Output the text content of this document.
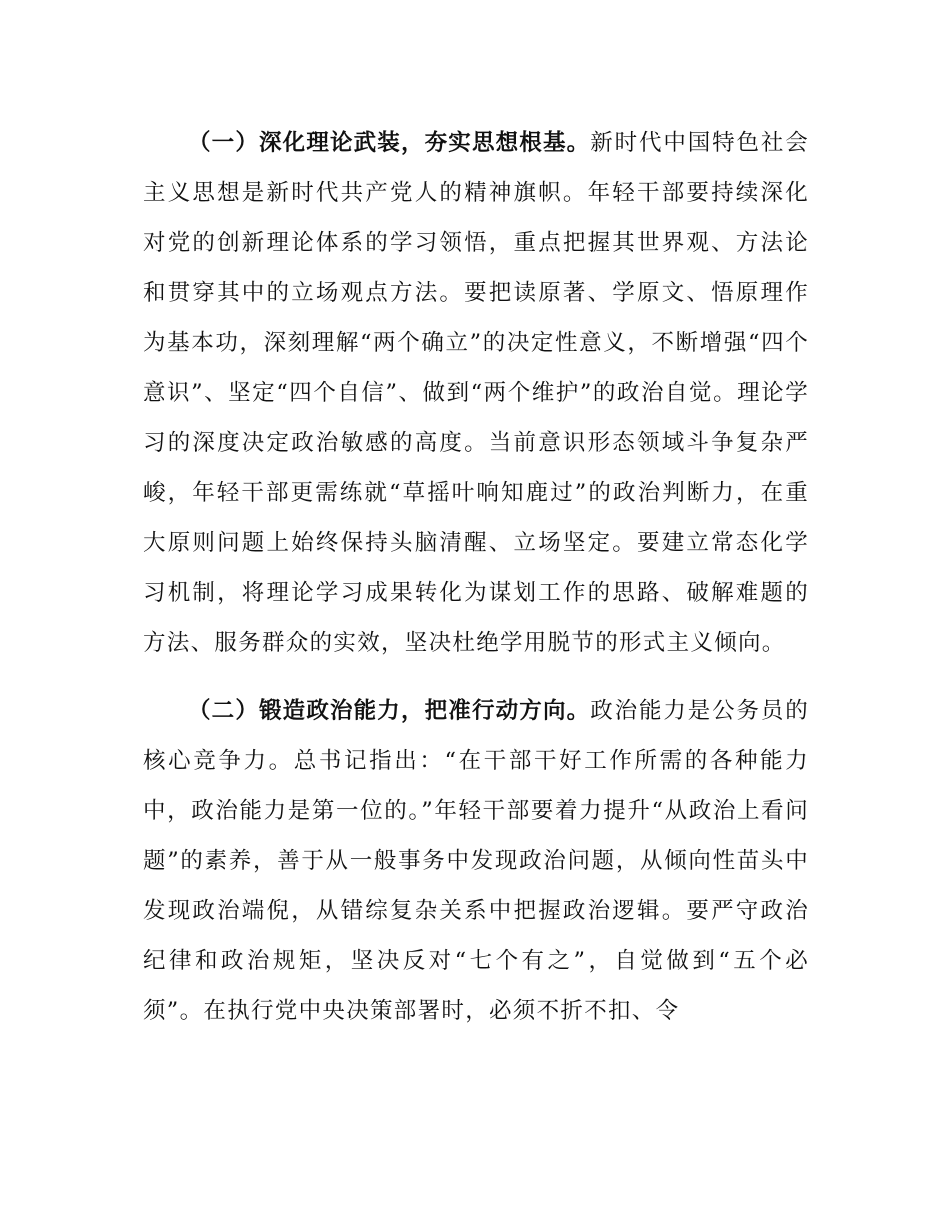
（一）深化理论武装，夯实思想根基。新时代中国特色社会主义思想是新时代共产党人的精神旗帜。年轻干部要持续深化对党的创新理论体系的学习领悟，重点把握其世界观、方法论和贯穿其中的立场观点方法。要把读原著、学原文、悟原理作为基本功，深刻理解“两个确立”的决定性意义，不断增强“四个意识”、坚定“四个自信”、做到“两个维护”的政治自觉。理论学习的深度决定政治敏感的高度。当前意识形态领域斗争复杂严峻，年轻干部更需练就“草摇叶响知鹿过”的政治判断力，在重大原则问题上始终保持头脑清醒、立场坚定。要建立常态化学习机制，将理论学习成果转化为谋划工作的思路、破解难题的方法、服务群众的实效，坚决杜绝学用脱节的形式主义倾向。

（二）锻造政治能力，把准行动方向。政治能力是公务员的核心竞争力。总书记指出：“在干部干好工作所需的各种能力中，政治能力是第一位的。”年轻干部要着力提升“从政治上看问题”的素养，善于从一般事务中发现政治问题，从倾向性苗头中发现政治端倪，从错综复杂关系中把握政治逻辑。要严守政治纪律和政治规矩，坚决反对“七个有之”，自觉做到“五个必须”。在执行党中央决策部署时，必须不折不扣、令
